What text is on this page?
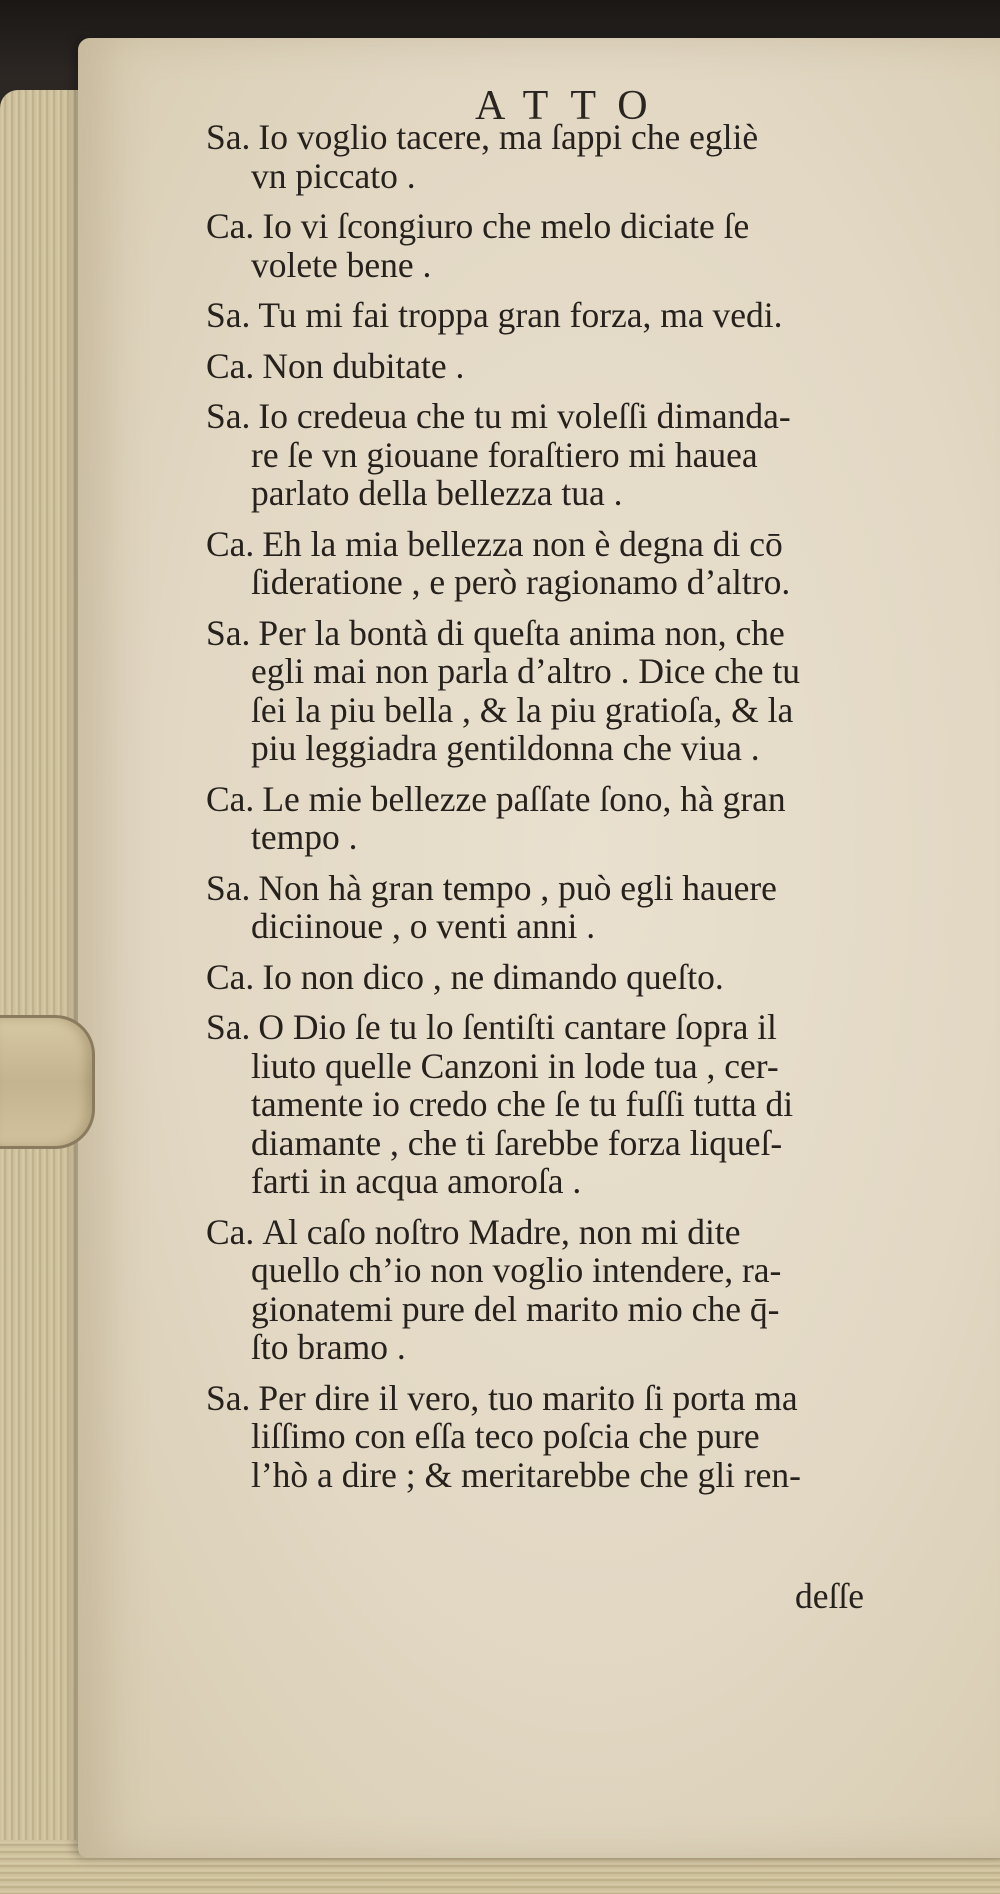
ATTO
Sa. Io voglio tacere, ma ſappi che egliè
vn piccato .
Ca. Io vi ſcongiuro che melo diciate ſe
volete bene .
Sa. Tu mi fai troppa gran forza, ma vedi.
Ca. Non dubitate .
Sa. Io credeua che tu mi voleſſi dimanda-
re ſe vn giouane foraſtiero mi hauea
parlato della bellezza tua .
Ca. Eh la mia bellezza non è degna di cō
ſideratione , e però ragionamo d’altro.
Sa. Per la bontà di queſta anima non, che
egli mai non parla d’altro . Dice che tu
ſei la piu bella , & la piu gratioſa, & la
piu leggiadra gentildonna che viua .
Ca. Le mie bellezze paſſate ſono, hà gran
tempo .
Sa. Non hà gran tempo , può egli hauere
diciinoue , o venti anni .
Ca. Io non dico , ne dimando queſto.
Sa. O Dio ſe tu lo ſentiſti cantare ſopra il
liuto quelle Canzoni in lode tua , cer-
tamente io credo che ſe tu fuſſi tutta di
diamante , che ti ſarebbe forza liqueſ-
farti in acqua amoroſa .
Ca. Al caſo noſtro Madre, non mi dite
quello ch’io non voglio intendere, ra-
gionatemi pure del marito mio che q̄-
ſto bramo .
Sa. Per dire il vero, tuo marito ſi porta ma
liſſimo con eſſa teco poſcia che pure
l’hò a dire ; & meritarebbe che gli ren-
deſſe
